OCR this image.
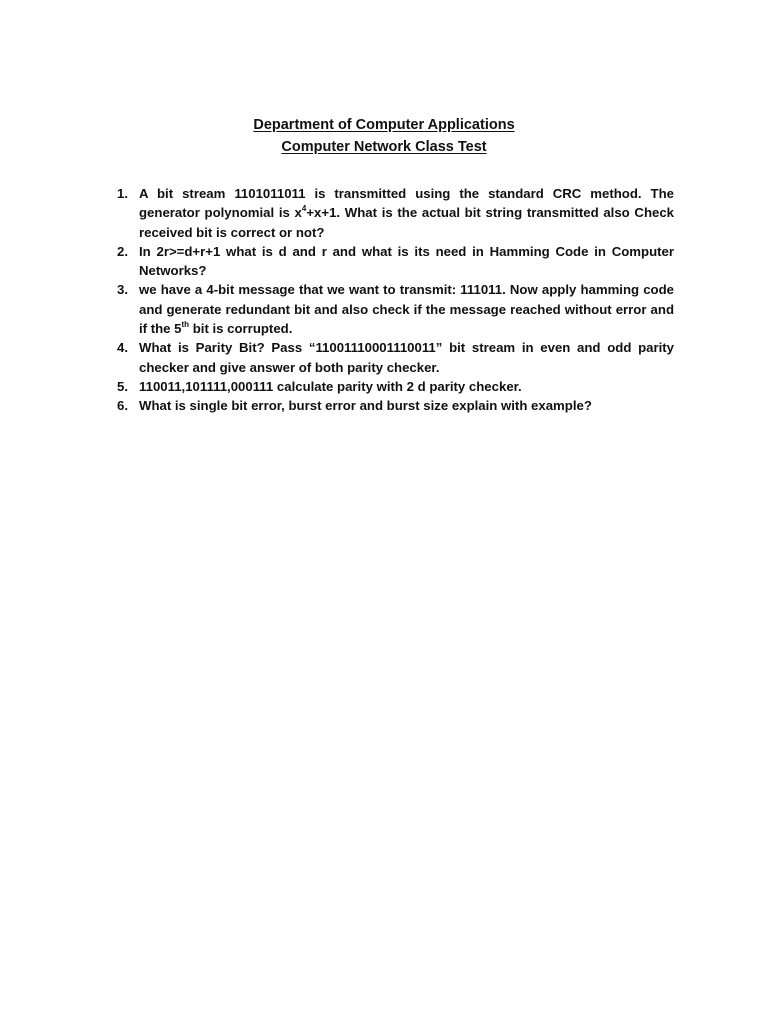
Department of Computer Applications

Computer Network Class Test

1. A bit stream 1101011011 is transmitted using the standard CRC method. The generator polynomial is $x^4+x+1$. What is the actual bit string transmitted also Check received bit is correct or not?
2. In 2r>=d+r+1 what is d and r and what is its need in Hamming Code in Computer Networks?
3. we have a 4-bit message that we want to transmit: 111011. Now apply hamming code and generate redundant bit and also check if the message reached without error and if the 5th bit is corrupted.
4. What is Parity Bit? Pass “11001110001110011” bit stream in even and odd parity checker and give answer of both parity checker.
5. 110011,101111,000111 calculate parity with 2 d parity checker.
6. What is single bit error, burst error and burst size explain with example?
